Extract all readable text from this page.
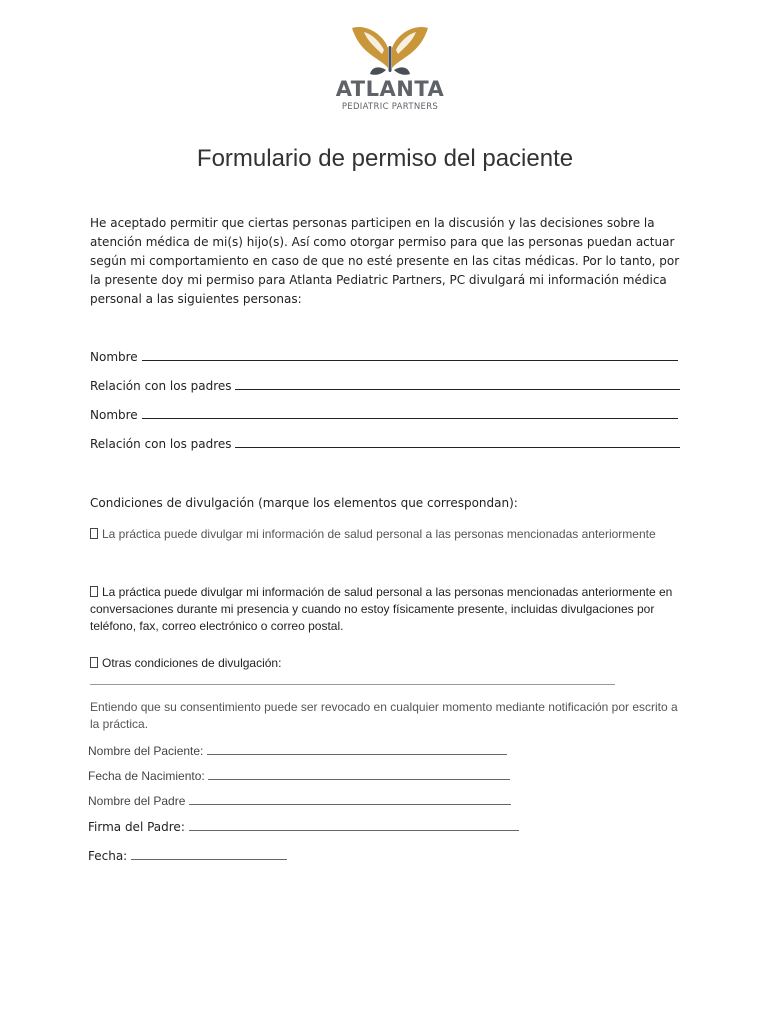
ATLANTA
PEDIATRIC PARTNERS
Formulario de permiso del paciente
He aceptado permitir que ciertas personas participen en la discusión y las decisiones sobre la atención médica de mi(s) hijo(s). Así como otorgar permiso para que las personas puedan actuar según mi comportamiento en caso de que no esté presente en las citas médicas. Por lo tanto, por la presente doy mi permiso para Atlanta Pediatric Partners, PC divulgará mi información médica personal a las siguientes personas:
Nombre
Relación con los padres
Nombre
Relación con los padres
Condiciones de divulgación (marque los elementos que correspondan):
La práctica puede divulgar mi información de salud personal a las personas mencionadas anteriormente
La práctica puede divulgar mi información de salud personal a las personas mencionadas anteriormente en conversaciones durante mi presencia y cuando no estoy físicamente presente, incluidas divulgaciones por teléfono, fax, correo electrónico o correo postal.
Otras condiciones de divulgación:
Entiendo que su consentimiento puede ser revocado en cualquier momento mediante notificación por escrito a la práctica.
Nombre del Paciente:
Fecha de Nacimiento:
Nombre del Padre
Firma del Padre:
Fecha:
